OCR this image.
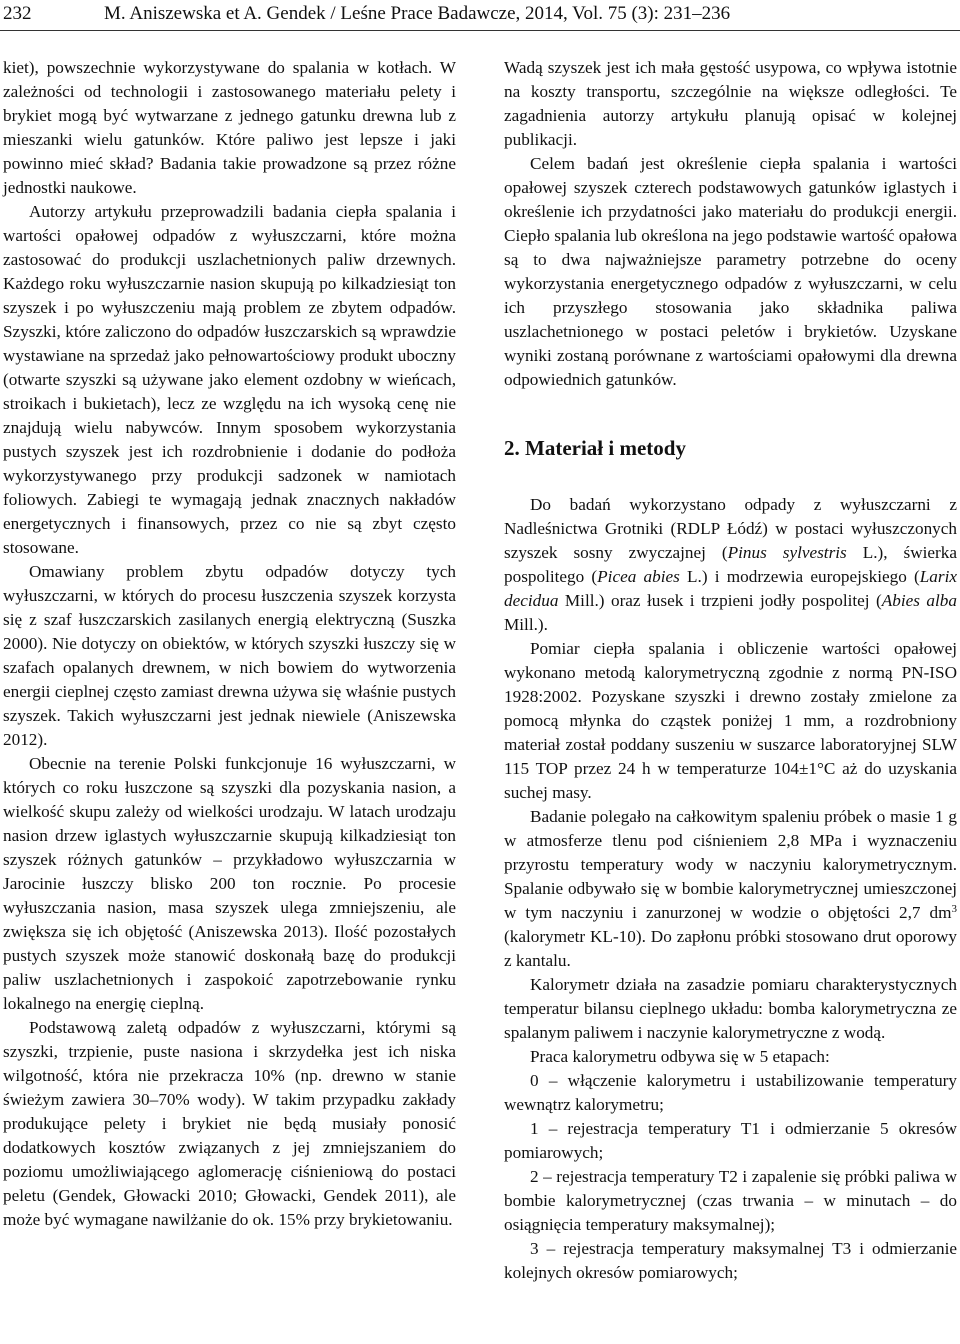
232	M. Aniszewska et A. Gendek / Leśne Prace Badawcze, 2014, Vol. 75 (3): 231–236

kiet), powszechnie wykorzystywane do spalania w kotłach. W zależności od technologii i zastosowanego materiału pelety i brykiet mogą być wytwarzane z jednego gatunku drewna lub z mieszanki wielu gatunków. Które paliwo jest lepsze i jaki powinno mieć skład? Badania takie prowadzone są przez różne jednostki naukowe.

Autorzy artykułu przeprowadzili badania ciepła spalania i wartości opałowej odpadów z wyłuszczarni, które można zastosować do produkcji uszlachetnionych paliw drzewnych. Każdego roku wyłuszczarnie nasion skupują po kilkadziesiąt ton szyszek i po wyłuszczeniu mają problem ze zbytem odpadów. Szyszki, które zaliczono do odpadów łuszczarskich są wprawdzie wystawiane na sprzedaż jako pełnowartościowy produkt uboczny (otwarte szyszki są używane jako element ozdobny w wieńcach, stroikach i bukietach), lecz ze względu na ich wysoką cenę nie znajdują wielu nabywców. Innym sposobem wykorzystania pustych szyszek jest ich rozdrobnienie i dodanie do podłoża wykorzystywanego przy produkcji sadzonek w namiotach foliowych. Zabiegi te wymagają jednak znacznych nakładów energetycznych i finansowych, przez co nie są zbyt często stosowane.

Omawiany problem zbytu odpadów dotyczy tych wyłuszczarni, w których do procesu łuszczenia szyszek korzysta się z szaf łuszczarskich zasilanych energią elektryczną (Suszka 2000). Nie dotyczy on obiektów, w których szyszki łuszczy się w szafach opalanych drewnem, w nich bowiem do wytworzenia energii cieplnej często zamiast drewna używa się właśnie pustych szyszek. Takich wyłuszczarni jest jednak niewiele (Aniszewska 2012).

Obecnie na terenie Polski funkcjonuje 16 wyłuszczarni, w których co roku łuszczone są szyszki dla pozyskania nasion, a wielkość skupu zależy od wielkości urodzaju. W latach urodzaju nasion drzew iglastych wyłuszczarnie skupują kilkadziesiąt ton szyszek różnych gatunków – przykładowo wyłuszczarnia w Jarocinie łuszczy blisko 200 ton rocznie. Po procesie wyłuszczania nasion, masa szyszek ulega zmniejszeniu, ale zwiększa się ich objętość (Aniszewska 2013). Ilość pozostałych pustych szyszek może stanowić doskonałą bazę do produkcji paliw uszlachetnionych i zaspokoić zapotrzebowanie rynku lokalnego na energię cieplną.

Podstawową zaletą odpadów z wyłuszczarni, którymi są szyszki, trzpienie, puste nasiona i skrzydełka jest ich niska wilgotność, która nie przekracza 10% (np. drewno w stanie świeżym zawiera 30–70% wody). W takim przypadku zakłady produkujące pelety i brykiet nie będą musiały ponosić dodatkowych kosztów związanych z jej zmniejszaniem do poziomu umożliwiającego aglomerację ciśnieniową do postaci peletu (Gendek, Głowacki 2010; Głowacki, Gendek 2011), ale może być wymagane nawilżanie do ok. 15% przy brykietowaniu.

Wadą szyszek jest ich mała gęstość usypowa, co wpływa istotnie na koszty transportu, szczególnie na większe odległości. Te zagadnienia autorzy artykułu planują opisać w kolejnej publikacji.

Celem badań jest określenie ciepła spalania i wartości opałowej szyszek czterech podstawowych gatunków iglastych i określenie ich przydatności jako materiału do produkcji energii. Ciepło spalania lub określona na jego podstawie wartość opałowa są to dwa najważniejsze parametry potrzebne do oceny wykorzystania energetycznego odpadów z wyłuszczarni, w celu ich przyszłego stosowania jako składnika paliwa uszlachetnionego w postaci peletów i brykietów. Uzyskane wyniki zostaną porównane z wartościami opałowymi dla drewna odpowiednich gatunków.

2. Materiał i metody

Do badań wykorzystano odpady z wyłuszczarni z Nadleśnictwa Grotniki (RDLP Łódź) w postaci wyłuszczonych szyszek sosny zwyczajnej (Pinus sylvestris L.), świerka pospolitego (Picea abies L.) i modrzewia europejskiego (Larix decidua Mill.) oraz łusek i trzpieni jodły pospolitej (Abies alba Mill.).

Pomiar ciepła spalania i obliczenie wartości opałowej wykonano metodą kalorymetryczną zgodnie z normą PN-ISO 1928:2002. Pozyskane szyszki i drewno zostały zmielone za pomocą młynka do cząstek poniżej 1 mm, a rozdrobniony materiał został poddany suszeniu w suszarce laboratoryjnej SLW 115 TOP przez 24 h w temperaturze 104±1°C aż do uzyskania suchej masy.

Badanie polegało na całkowitym spaleniu próbek o masie 1 g w atmosferze tlenu pod ciśnieniem 2,8 MPa i wyznaczeniu przyrostu temperatury wody w naczyniu kalorymetrycznym. Spalanie odbywało się w bombie kalorymetrycznej umieszczonej w tym naczyniu i zanurzonej w wodzie o objętości 2,7 $dm^3$ (kalorymetr KL-10). Do zapłonu próbki stosowano drut oporowy z kantalu.

Kalorymetr działa na zasadzie pomiaru charakterystycznych temperatur bilansu cieplnego układu: bomba kalorymetryczna ze spalanym paliwem i naczynie kalorymetryczne z wodą.

Praca kalorymetru odbywa się w 5 etapach:

0 – włączenie kalorymetru i ustabilizowanie temperatury wewnątrz kalorymetru;

1 – rejestracja temperatury T1 i odmierzanie 5 okresów pomiarowych;

2 – rejestracja temperatury T2 i zapalenie się próbki paliwa w bombie kalorymetrycznej (czas trwania – w minutach – do osiągnięcia temperatury maksymalnej);

3 – rejestracja temperatury maksymalnej T3 i odmierzanie kolejnych okresów pomiarowych;
